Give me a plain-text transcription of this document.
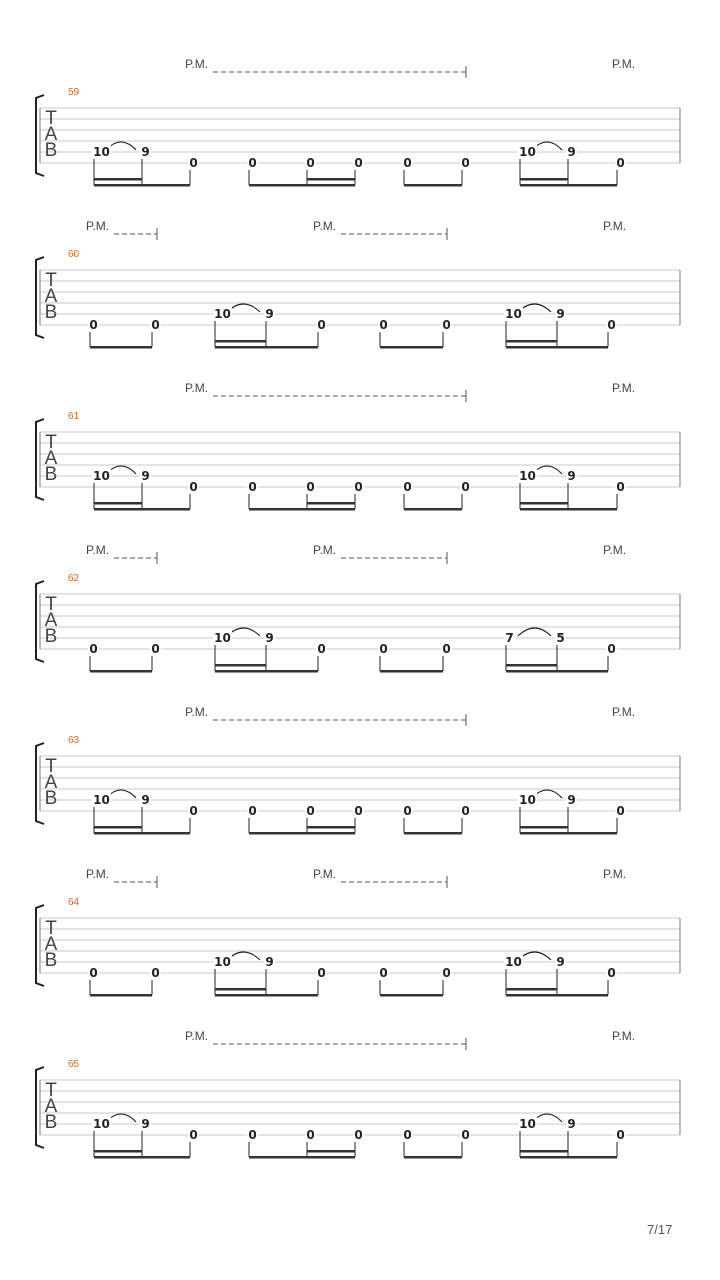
T
A
B
59
P.M.	P.M.
10	9
0	0	0	0	0	0
10	9
0
T
A
B
60
P.M.	P.M.	P.M.
0	0
10	9
0	0	0
10	9
0
T
A
B
61
P.M.	P.M.
10	9
0	0	0	0	0	0
10	9
0
T
A
B
62
P.M.	P.M.	P.M.
0	0
10	9
0	0	0
7	5
0
T
A
B
63
P.M.	P.M.
10	9
0	0	0	0	0	0
10	9
0
T
A
B
64
P.M.	P.M.	P.M.
0	0
10	9
0	0	0
10	9
0
T
A
B
65
P.M.	P.M.
10	9
0	0	0	0	0	0
10	9
0
7/17
